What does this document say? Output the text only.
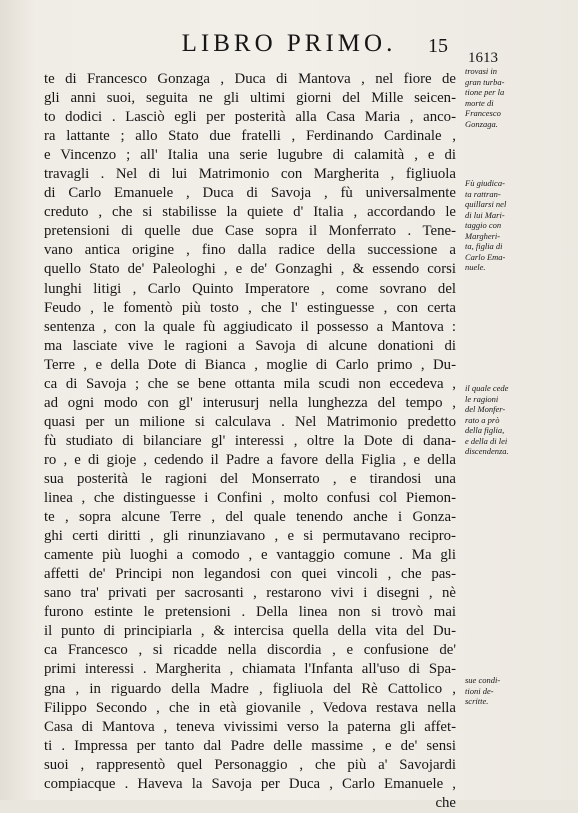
LIBRO PRIMO.	15
1613
trovasi in
gran turba-
tione per la
morte di
Francesco
Gonzaga.
Fù giudica-
ta rattran-
quillarsi nel
di lui Mari-
taggio con
Margheri-
ta, figlia di
Carlo Ema-
nuele.
il quale cede
le ragioni
del Monfer-
rato a prò
della figlia,
e della di lei
discendenza.
sue condi-
tioni de-
scritte.
te di Francesco Gonzaga , Duca di Mantova , nel fiore de
gli anni suoi, seguita ne gli ultimi giorni del Mille seicen-
to dodici . Lasciò egli per posterità alla Casa Maria , anco-
ra lattante ; allo Stato due fratelli , Ferdinando Cardinale ,
e Vincenzo ; all' Italia una serie lugubre di calamità , e di
travagli . Nel di lui Matrimonio con Margherita , figliuola
di Carlo Emanuele , Duca di Savoja , fù universalmente
creduto , che si stabilisse la quiete d' Italia , accordando le
pretensioni di quelle due Case sopra il Monferrato . Tene-
vano antica origine , fino dalla radice della successione a
quello Stato de' Paleologhi , e de' Gonzaghi , & essendo corsi
lunghi litigi , Carlo Quinto Imperatore , come sovrano del
Feudo , le fomentò più tosto , che l' estinguesse , con certa
sentenza , con la quale fù aggiudicato il possesso a Mantova :
ma lasciate vive le ragioni a Savoja di alcune donationi di
Terre , e della Dote di Bianca , moglie di Carlo primo , Du-
ca di Savoja ; che se bene ottanta mila scudi non eccedeva ,
ad ogni modo con gl' interusurj nella lunghezza del tempo ,
quasi per un milione si calculava . Nel Matrimonio predetto
fù studiato di bilanciare gl' interessi , oltre la Dote di dana-
ro , e di gioje , cedendo il Padre a favore della Figlia , e della
sua posterità le ragioni del Monserrato , e tirandosi una
linea , che distinguesse i Confini , molto confusi col Piemon-
te , sopra alcune Terre , del quale tenendo anche i Gonza-
ghi certi diritti , gli rinunziavano , e si permutavano recipro-
camente più luoghi a comodo , e vantaggio comune . Ma gli
affetti de' Principi non legandosi con quei vincoli , che pas-
sano tra' privati per sacrosanti , restarono vivi i disegni , nè
furono estinte le pretensioni . Della linea non si trovò mai
il punto di principiarla , & intercisa quella della vita del Du-
ca Francesco , si ricadde nella discordia , e confusione de'
primi interessi . Margherita , chiamata l'Infanta all'uso di Spa-
gna , in riguardo della Madre , figliuola del Rè Cattolico ,
Filippo Secondo , che in età giovanile , Vedova restava nella
Casa di Mantova , teneva vivissimi verso la paterna gli affet-
ti . Impressa per tanto dal Padre delle massime , e de' sensi
suoi , rappresentò quel Personaggio , che più a' Savojardi
compiacque . Haveva la Savoja per Duca , Carlo Emanuele ,
che
